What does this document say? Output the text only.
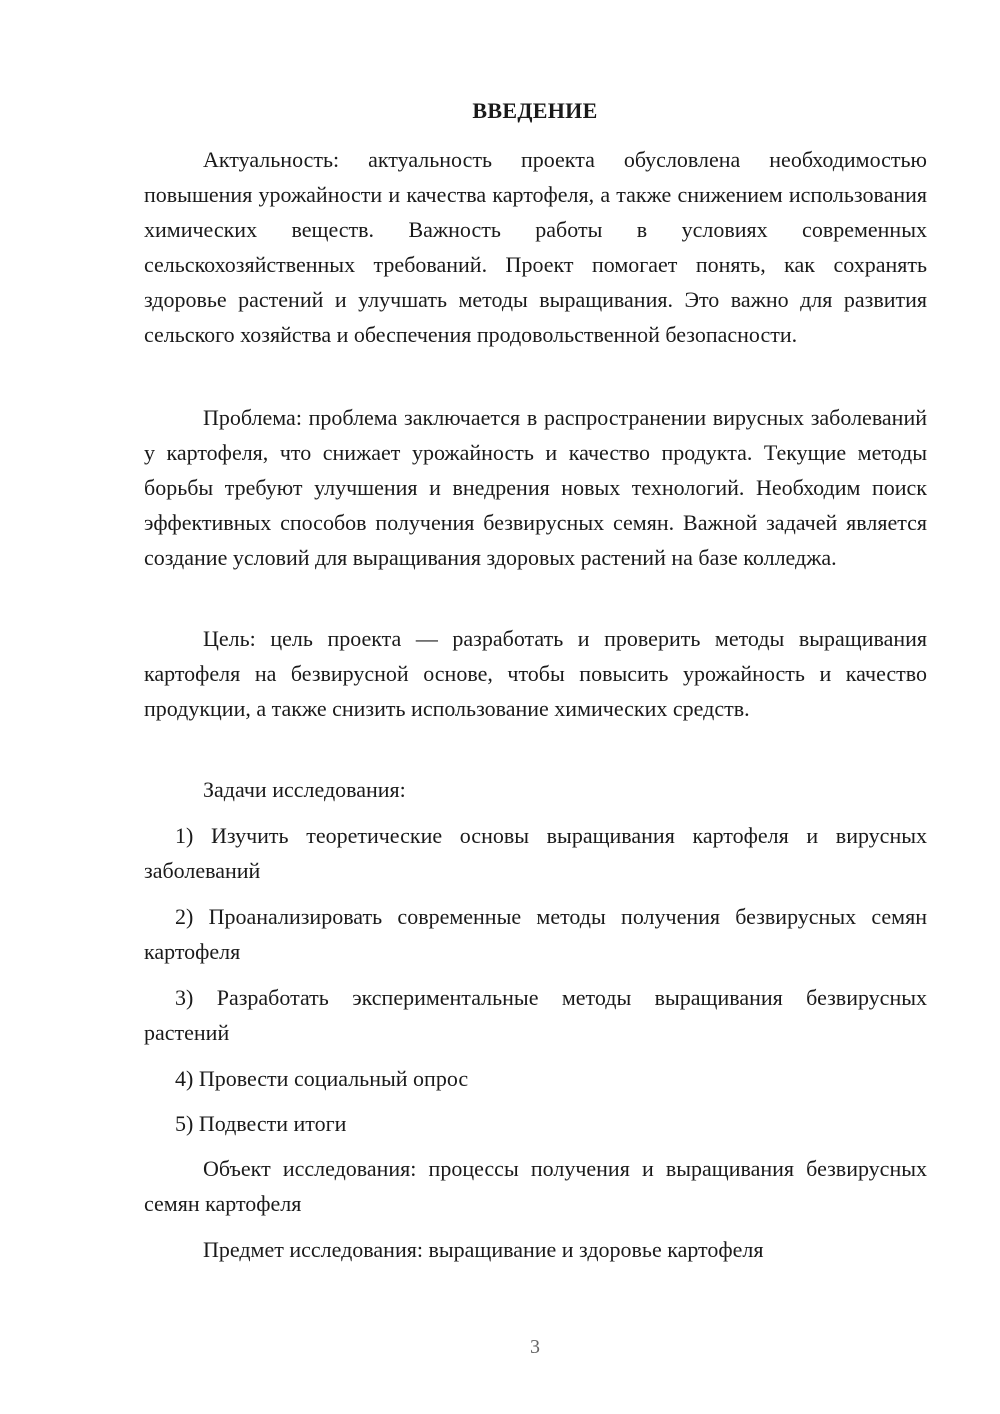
ВВЕДЕНИЕ

Актуальность: актуальность проекта обусловлена необходимостью повышения урожайности и качества картофеля, а также снижением использования химических веществ. Важность работы в условиях современных сельскохозяйственных требований. Проект помогает понять, как сохранять здоровье растений и улучшать методы выращивания. Это важно для развития сельского хозяйства и обеспечения продовольственной безопасности.

Проблема: проблема заключается в распространении вирусных заболеваний у картофеля, что снижает урожайность и качество продукта. Текущие методы борьбы требуют улучшения и внедрения новых технологий. Необходим поиск эффективных способов получения безвирусных семян. Важной задачей является создание условий для выращивания здоровых растений на базе колледжа.

Цель: цель проекта — разработать и проверить методы выращивания картофеля на безвирусной основе, чтобы повысить урожайность и качество продукции, а также снизить использование химических средств.

Задачи исследования:

1) Изучить теоретические основы выращивания картофеля и вирусных заболеваний

2) Проанализировать современные методы получения безвирусных семян картофеля

3) Разработать экспериментальные методы выращивания безвирусных растений

4) Провести социальный опрос

5) Подвести итоги

Объект исследования: процессы получения и выращивания безвирусных семян картофеля

Предмет исследования: выращивание и здоровье картофеля

3
